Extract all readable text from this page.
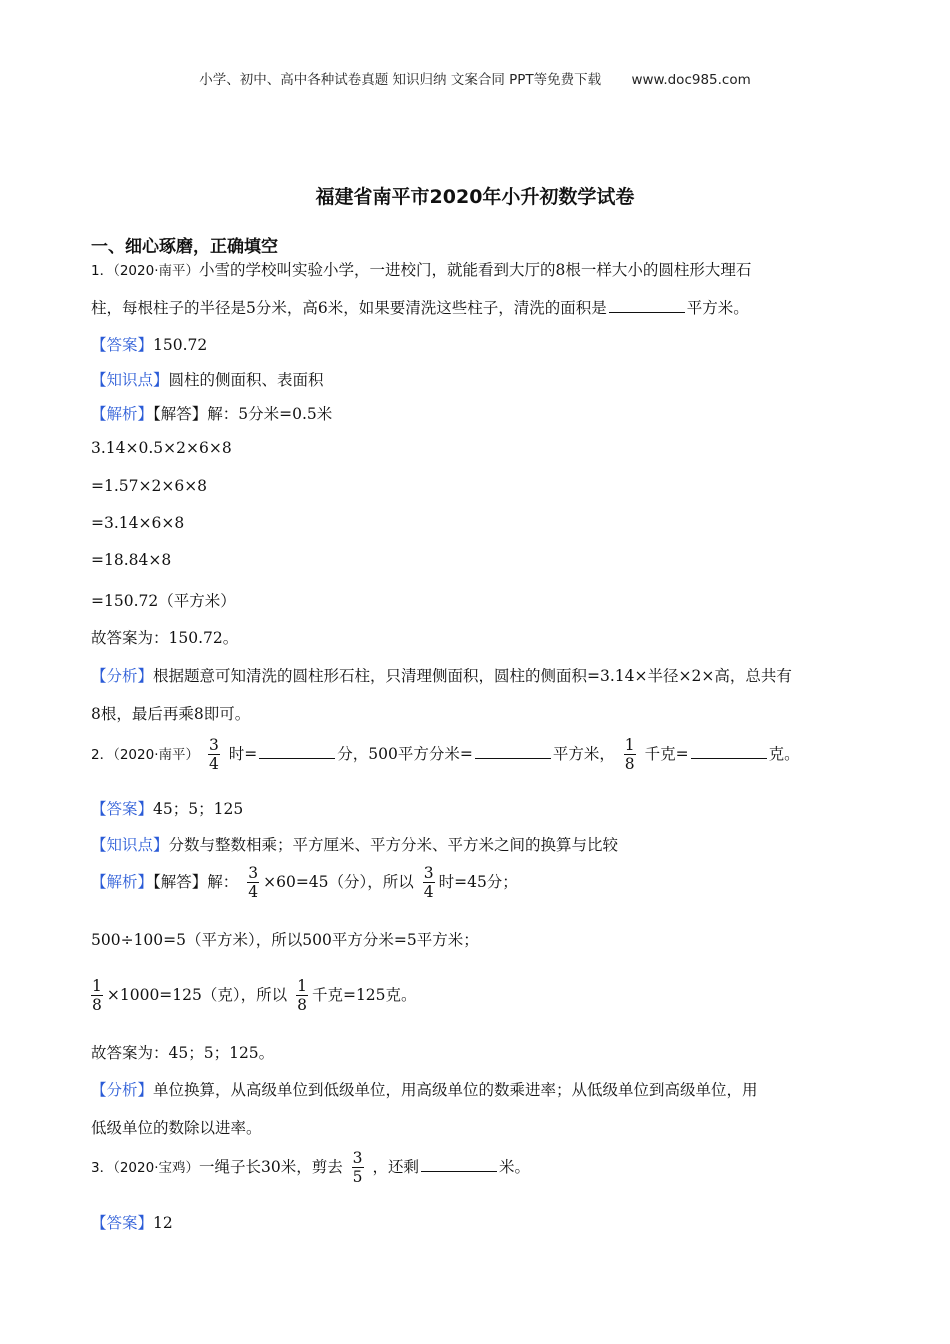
小学、初中、高中各种试卷真题 知识归纳 文案合同 PPT等免费下载 www.doc985.com
福建省南平市2020年小升初数学试卷
一、细心琢磨，正确填空
1．（2020·南平）小雪的学校叫实验小学，一进校门，就能看到大厅的8根一样大小的圆柱形大理石
柱，每根柱子的半径是5分米，高6米，如果要清洗这些柱子，清洗的面积是	平方米。
【答案】150.72
【知识点】圆柱的侧面积、表面积
【解析】【解答】解：5分米=0.5米
3.14×0.5×2×6×8
=1.57×2×6×8
=3.14×6×8
=18.84×8
=150.72（平方米）
故答案为：150.72。
【分析】根据题意可知清洗的圆柱形石柱，只清理侧面积，圆柱的侧面积=3.14×半径×2×高，总共有
8根，最后再乘8即可。
2．（2020·南平） $\frac{3}{4}$ 时=	分，500平方分米=	平方米， $\frac{1}{8}$ 千克=	克。
【答案】45；5；125
【知识点】分数与整数相乘；平方厘米、平方分米、平方米之间的换算与比较
【解析】【解答】解： $\frac{3}{4} \times 60=45$（分），所以 $\frac{3}{4}$ 时=45分；
500÷100=5（平方米），所以500平方分米=5平方米；
$\frac{1}{8} \times 1000=125$（克），所以 $\frac{1}{8}$ 千克=125克。
故答案为：45；5；125。
【分析】单位换算，从高级单位到低级单位，用高级单位的数乘进率；从低级单位到高级单位，用
低级单位的数除以进率。
3．（2020·宝鸡）一绳子长30米，剪去 $\frac{3}{5}$ ，还剩	米。
【答案】12
